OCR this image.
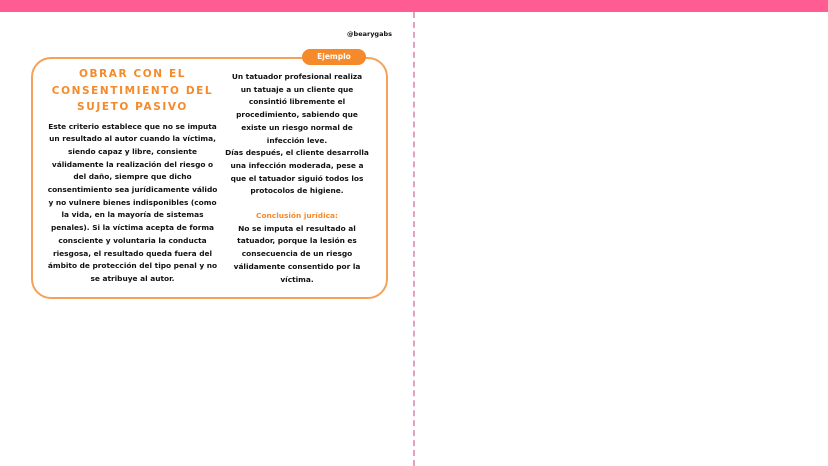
@bearygabs
Ejemplo
OBRAR CON EL
CONSENTIMIENTO DEL
SUJETO PASIVO

Este criterio establece que no se imputa
un resultado al autor cuando la víctima,
siendo capaz y libre, consiente
válidamente la realización del riesgo o
del daño, siempre que dicho
consentimiento sea jurídicamente válido
y no vulnere bienes indisponibles (como
la vida, en la mayoría de sistemas
penales). Si la víctima acepta de forma
consciente y voluntaria la conducta
riesgosa, el resultado queda fuera del
ámbito de protección del tipo penal y no
se atribuye al autor.

Un tatuador profesional realiza
un tatuaje a un cliente que
consintió libremente el
procedimiento, sabiendo que
existe un riesgo normal de
infección leve.
Días después, el cliente desarrolla
una infección moderada, pese a
que el tatuador siguió todos los
protocolos de higiene.

Conclusión jurídica:

No se imputa el resultado al
tatuador, porque la lesión es
consecuencia de un riesgo
válidamente consentido por la
víctima.
